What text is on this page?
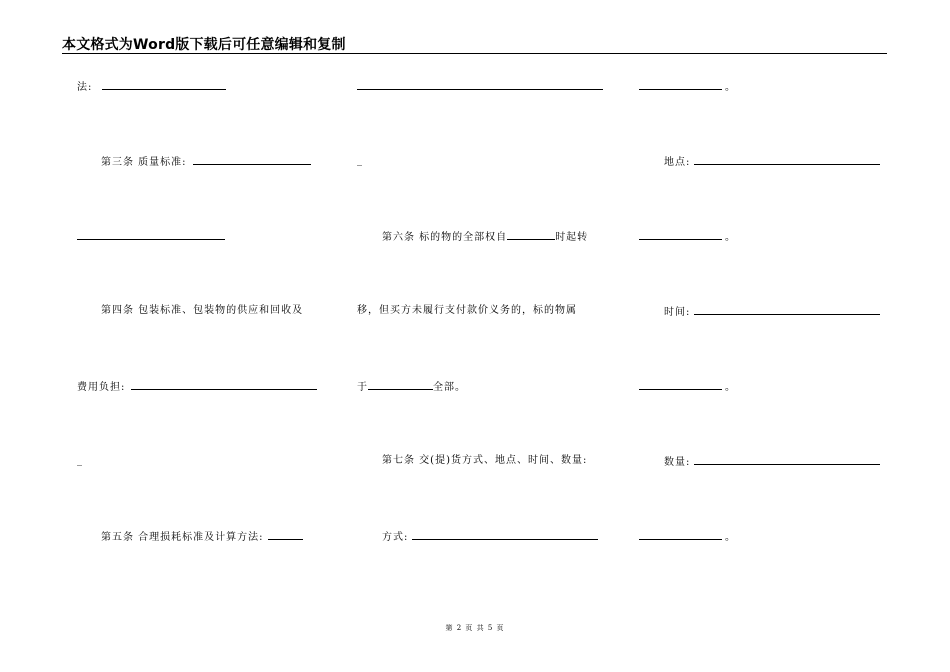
本文格式为Word版下载后可任意编辑和复制
法:
第三条 质量标准:
第四条 包装标准、包装物的供应和回收及
费用负担:
_
第五条 合理损耗标准及计算方法:
_
第六条 标的物的全部权自	时起转
移，但买方未履行支付款价义务的，标的物属
于	全部。
第七条 交(提)货方式、地点、时间、数量:
方式:
。
地点:
。
时间:
。
数量:
。
第 2 页 共 5 页
